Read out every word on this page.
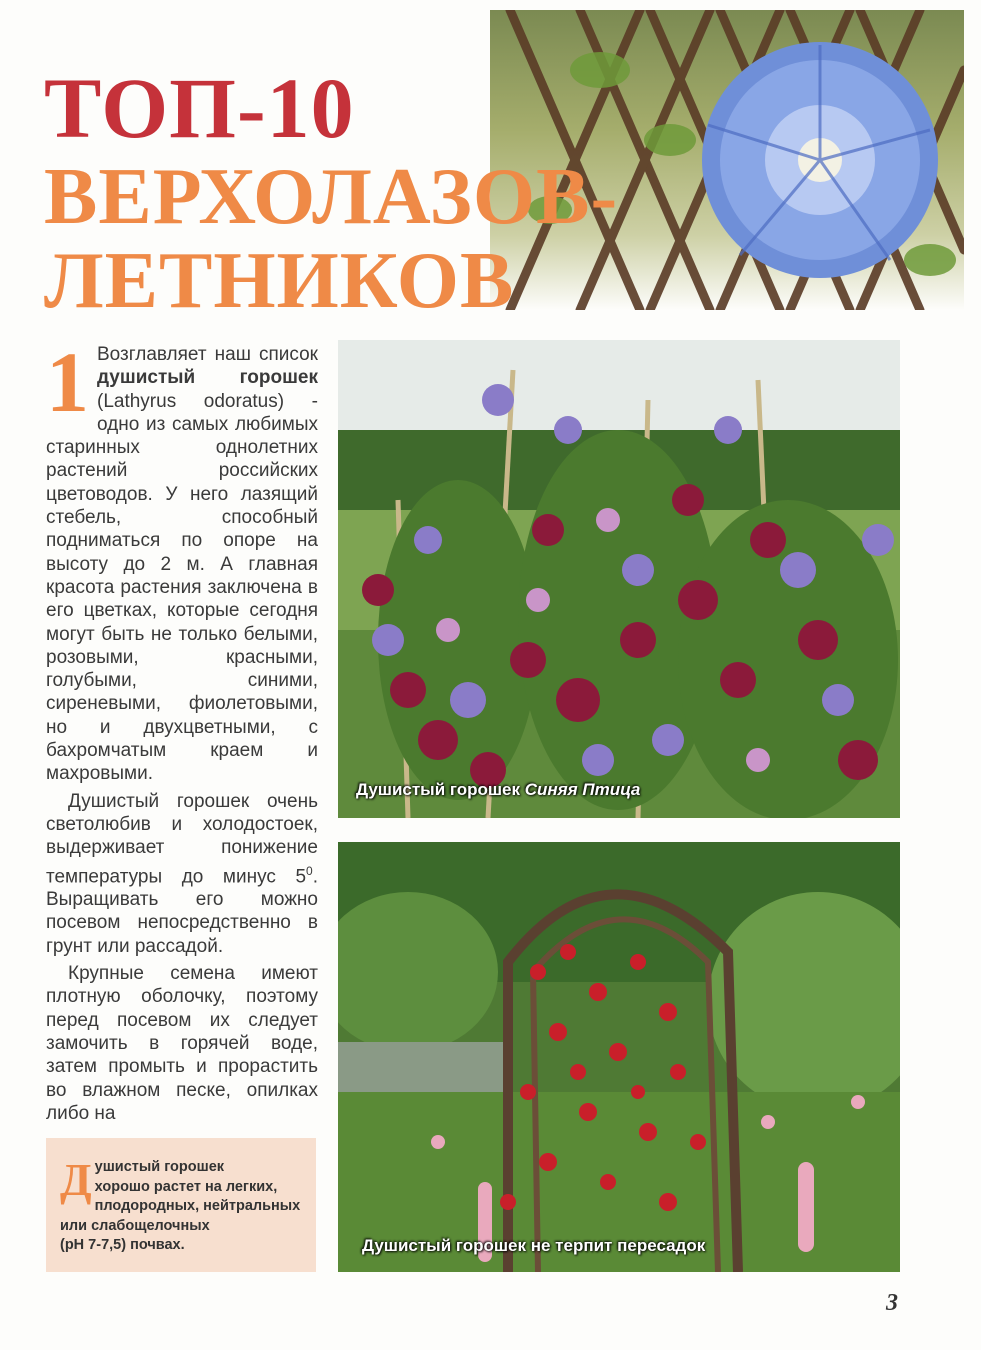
ТОП-10
ВЕРХОЛАЗОВ-
ЛЕТНИКОВ

1 Возглавляет наш список душистый горошек (Lathyrus odoratus) - одно из самых любимых старинных однолетних растений российских цветоводов. У него лазящий стебель, способный подниматься по опоре на высоту до 2 м. А главная красота растения заключена в его цветках, которые сегодня могут быть не только белыми, розовыми, красными, голубыми, синими, сиреневыми, фиолетовыми, но и двухцветными, с бахромчатым краем и махровыми.

Душистый горошек очень светолюбив и холодостоек, выдерживает понижение температуры до минус $5^0$. Выращивать его можно посевом непосредственно в грунт или рассадой.

Крупные семена имеют плотную оболочку, поэтому перед посевом их следует замочить в горячей воде, затем промыть и прорастить во влажном песке, опилках либо на

Душистый горошек Синяя Птица
Душистый горошек не терпит пересадок
Д ушистый горошек
хорошо растет на легких,
плодородных, нейтральных
или слабощелочных
(pH 7-7,5) почвах.
3
